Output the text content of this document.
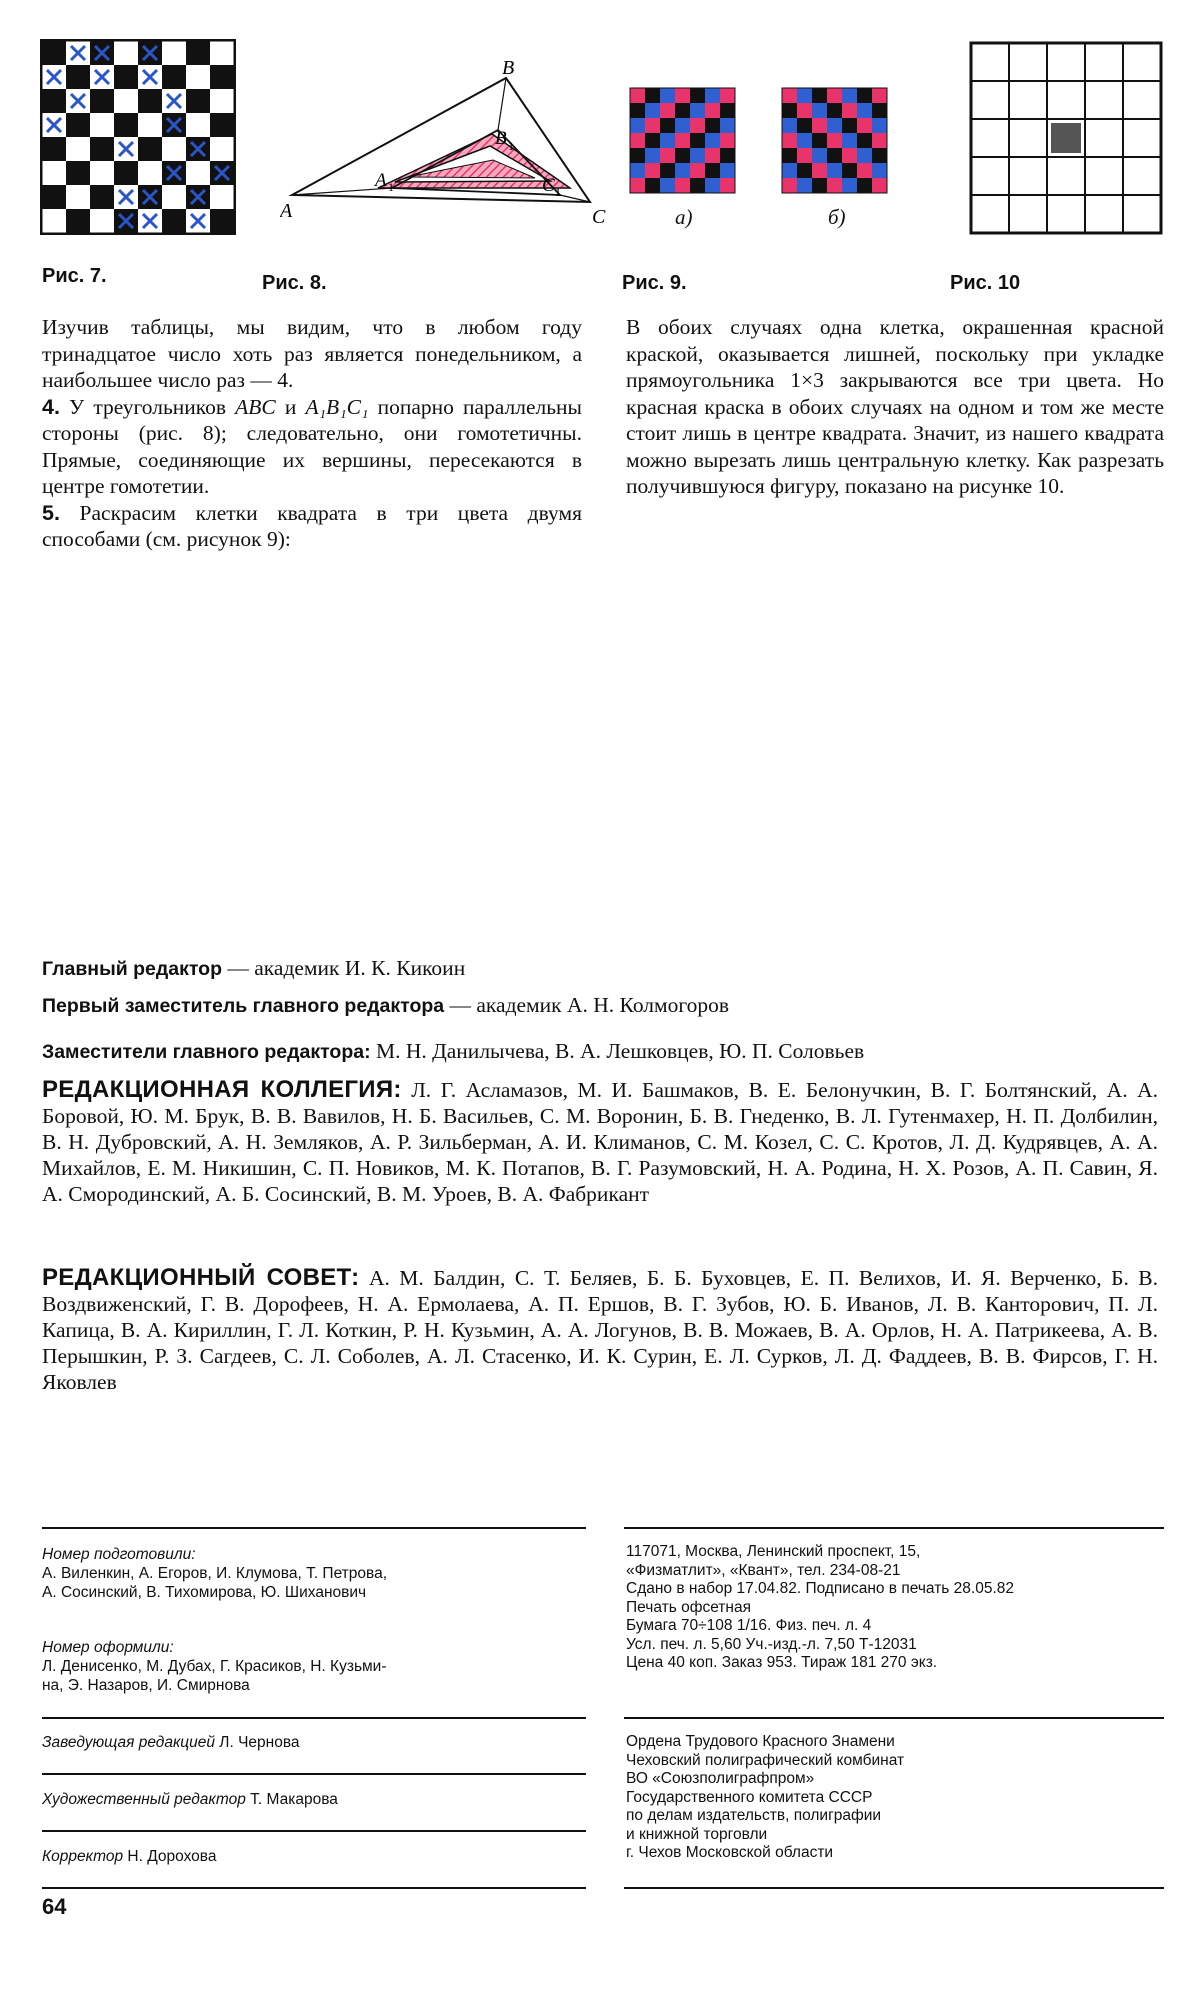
Рис. 7.
A
B
C
A 1
B 1
C 1
Рис. 8.
а)	б)
Рис. 9.	Рис. 10

Изучив таблицы, мы видим, что в любом году тринадцатое число хоть раз является понедельником, а наибольшее число раз — 4.

4. У треугольников ABC и A₁B₁C₁ попарно параллельны стороны (рис. 8); следовательно, они гомотетичны. Прямые, соединяющие их вершины, пересекаются в центре гомотетии.

5. Раскрасим клетки квадрата в три цвета двумя способами (см. рисунок 9):

В обоих случаях одна клетка, окрашенная красной краской, оказывается лишней, поскольку при укладке прямоугольника 1×3 закрываются все три цвета. Но красная краска в обоих случаях на одном и том же месте стоит лишь в центре квадрата. Значит, из нашего квадрата можно вырезать лишь центральную клетку. Как разрезать получившуюся фигуру, показано на рисунке 10.

Главный редактор — академик И. К. Кикоин
Первый заместитель главного редактора — академик А. Н. Колмогоров
Заместители главного редактора: М. Н. Данилычева, В. А. Лешковцев, Ю. П. Соловьев
РЕДАКЦИОННАЯ КОЛЛЕГИЯ: Л. Г. Асламазов, М. И. Башмаков, В. Е. Белонучкин, В. Г. Болтянский, А. А. Боровой, Ю. М. Брук, В. В. Вавилов, Н. Б. Васильев, С. М. Воронин, Б. В. Гнеденко, В. Л. Гутенмахер, Н. П. Долбилин, В. Н. Дубровский, А. Н. Земляков, А. Р. Зильберман, А. И. Климанов, С. М. Козел, С. С. Кротов, Л. Д. Кудрявцев, А. А. Михайлов, Е. М. Никишин, С. П. Новиков, М. К. Потапов, В. Г. Разумовский, Н. А. Родина, Н. Х. Розов, А. П. Савин, Я. А. Смородинский, А. Б. Сосинский, В. М. Уроев, В. А. Фабрикант
РЕДАКЦИОННЫЙ СОВЕТ: А. М. Балдин, С. Т. Беляев, Б. Б. Буховцев, Е. П. Велихов, И. Я. Верченко, Б. В. Воздвиженский, Г. В. Дорофеев, Н. А. Ермолаева, А. П. Ершов, В. Г. Зубов, Ю. Б. Иванов, Л. В. Канторович, П. Л. Капица, В. А. Кириллин, Г. Л. Коткин, Р. Н. Кузьмин, А. А. Логунов, В. В. Можаев, В. А. Орлов, Н. А. Патрикеева, А. В. Перышкин, Р. З. Сагдеев, С. Л. Соболев, А. Л. Стасенко, И. К. Сурин, Е. Л. Сурков, Л. Д. Фаддеев, В. В. Фирсов, Г. Н. Яковлев
Номер подготовили:
А. Виленкин, А. Егоров, И. Клумова, Т. Петрова,
А. Сосинский, В. Тихомирова, Ю. Шиханович
Номер оформили:
Л. Денисенко, М. Дубах, Г. Красиков, Н. Кузьми-
на, Э. Назаров, И. Смирнова
Заведующая редакцией Л. Чернова
Художественный редактор Т. Макарова
Корректор Н. Дорохова
117071, Москва, Ленинский проспект, 15,
«Физматлит», «Квант», тел. 234-08-21
Сдано в набор 17.04.82. Подписано в печать 28.05.82
Печать офсетная
Бумага 70÷108 1/16. Физ. печ. л. 4
Усл. печ. л. 5,60 Уч.-изд.-л. 7,50 Т-12031
Цена 40 коп. Заказ 953. Тираж 181 270 экз.
Ордена Трудового Красного Знамени
Чеховский полиграфический комбинат
ВО «Союзполиграфпром»
Государственного комитета СССР
по делам издательств, полиграфии
и книжной торговли
г. Чехов Московской области
64
